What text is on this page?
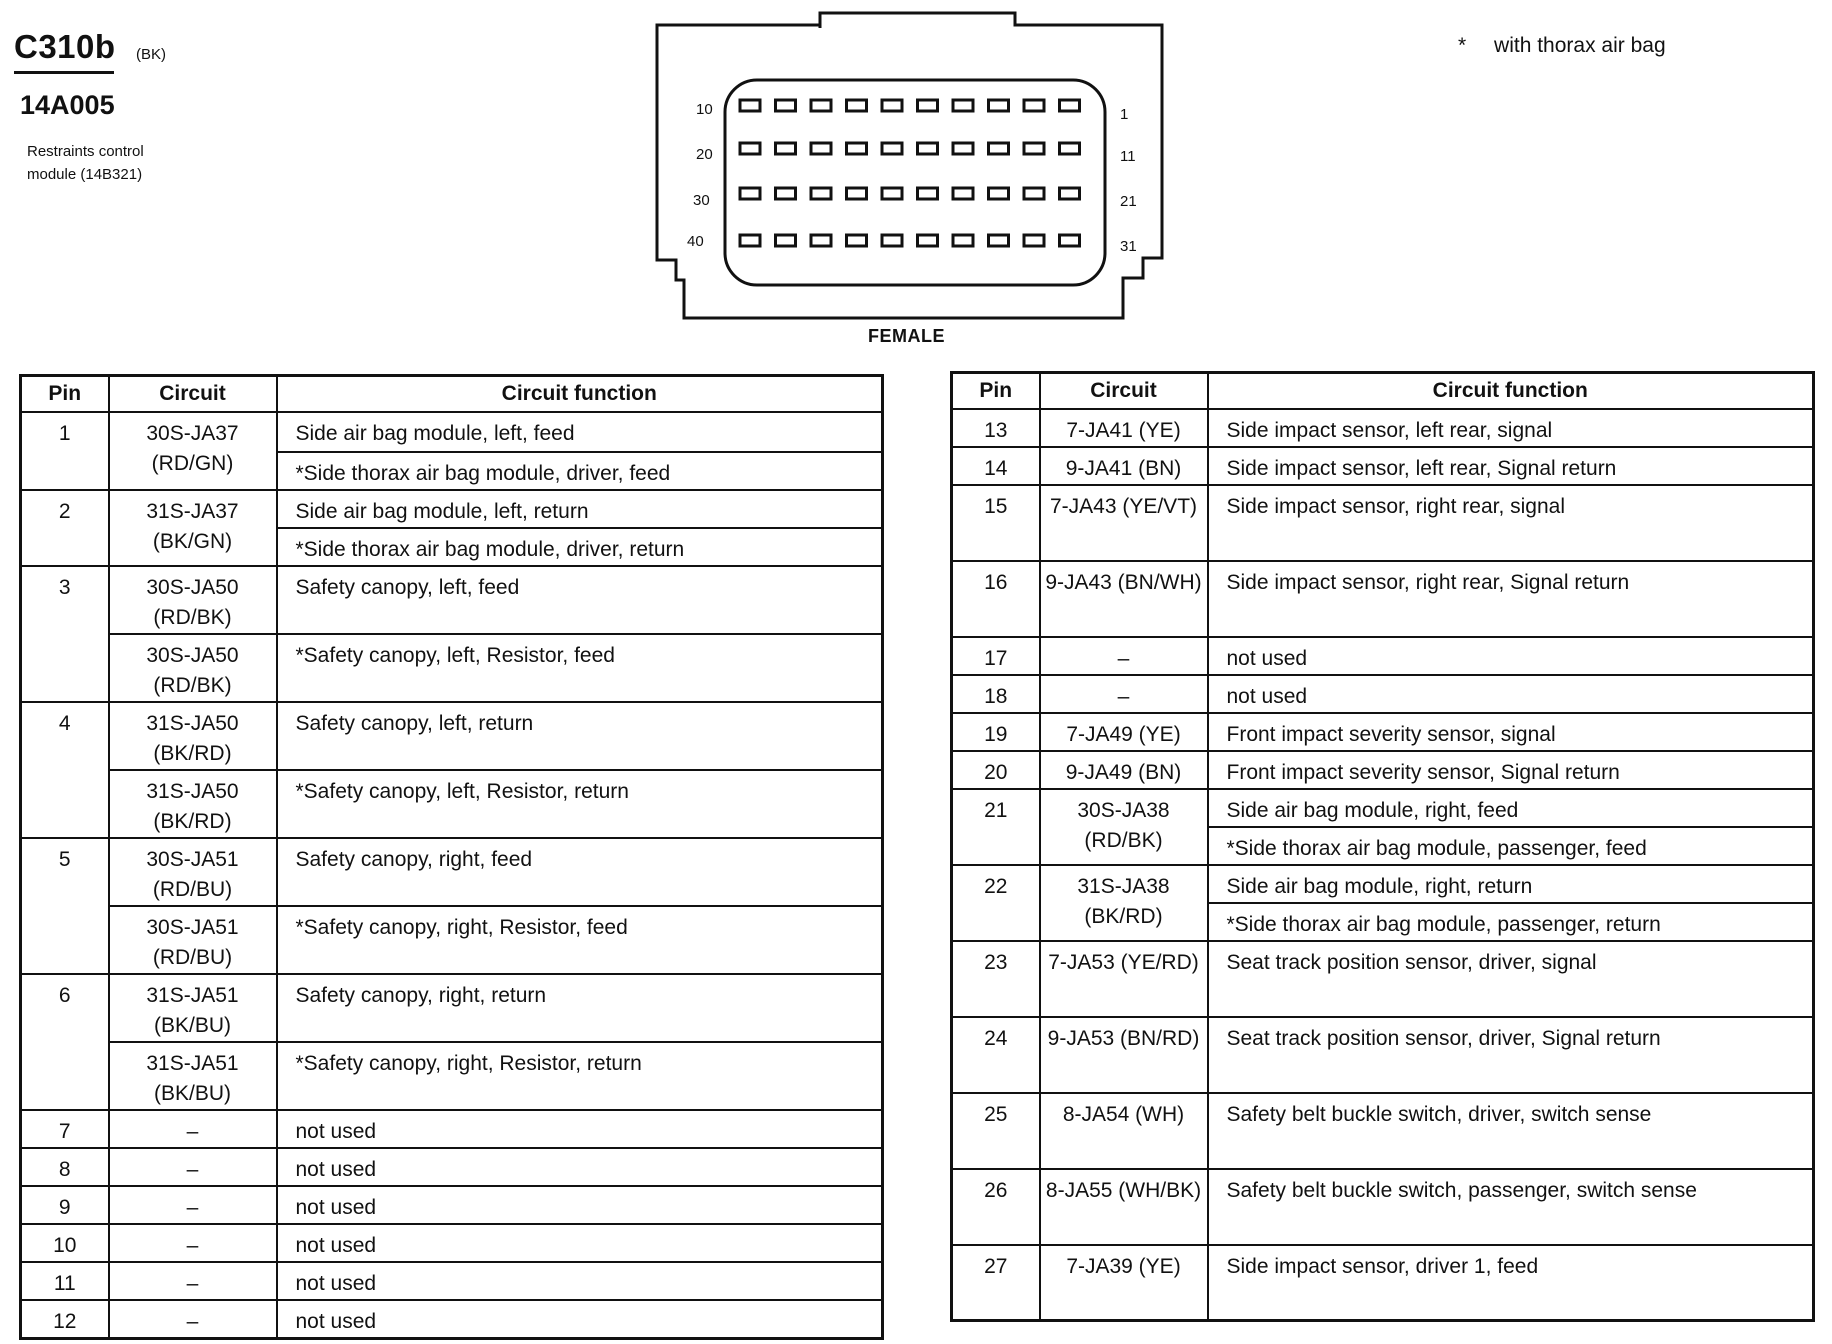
C310b (BK)
14A005
Restraints control
module (14B321)
* with thorax air bag
10
20
30
40
1
11
21
31
FEMALE
Pin	Circuit	Circuit function
1	30S-JA37 (RD/GN)	Side air bag module, left, feed
		*Side thorax air bag module, driver, feed
2	31S-JA37 (BK/GN)	Side air bag module, left, return
		*Side thorax air bag module, driver, return
3	30S-JA50 (RD/BK)	Safety canopy, left, feed
	30S-JA50 (RD/BK)	*Safety canopy, left, Resistor, feed
4	31S-JA50 (BK/RD)	Safety canopy, left, return
	31S-JA50 (BK/RD)	*Safety canopy, left, Resistor, return
5	30S-JA51 (RD/BU)	Safety canopy, right, feed
	30S-JA51 (RD/BU)	*Safety canopy, right, Resistor, feed
6	31S-JA51 (BK/BU)	Safety canopy, right, return
	31S-JA51 (BK/BU)	*Safety canopy, right, Resistor, return
7	–	not used
8	–	not used
9	–	not used
10	–	not used
11	–	not used
12	–	not used
Pin	Circuit	Circuit function
13	7-JA41 (YE)	Side impact sensor, left rear, signal
14	9-JA41 (BN)	Side impact sensor, left rear, Signal return
15	7-JA43 (YE/VT)	Side impact sensor, right rear, signal
16	9-JA43 (BN/WH)	Side impact sensor, right rear, Signal return
17	–	not used
18	–	not used
19	7-JA49 (YE)	Front impact severity sensor, signal
20	9-JA49 (BN)	Front impact severity sensor, Signal return
21	30S-JA38 (RD/BK)	Side air bag module, right, feed
		*Side thorax air bag module, passenger, feed
22	31S-JA38 (BK/RD)	Side air bag module, right, return
		*Side thorax air bag module, passenger, return
23	7-JA53 (YE/RD)	Seat track position sensor, driver, signal
24	9-JA53 (BN/RD)	Seat track position sensor, driver, Signal return
25	8-JA54 (WH)	Safety belt buckle switch, driver, switch sense
26	8-JA55 (WH/BK)	Safety belt buckle switch, passenger, switch sense
27	7-JA39 (YE)	Side impact sensor, driver 1, feed
